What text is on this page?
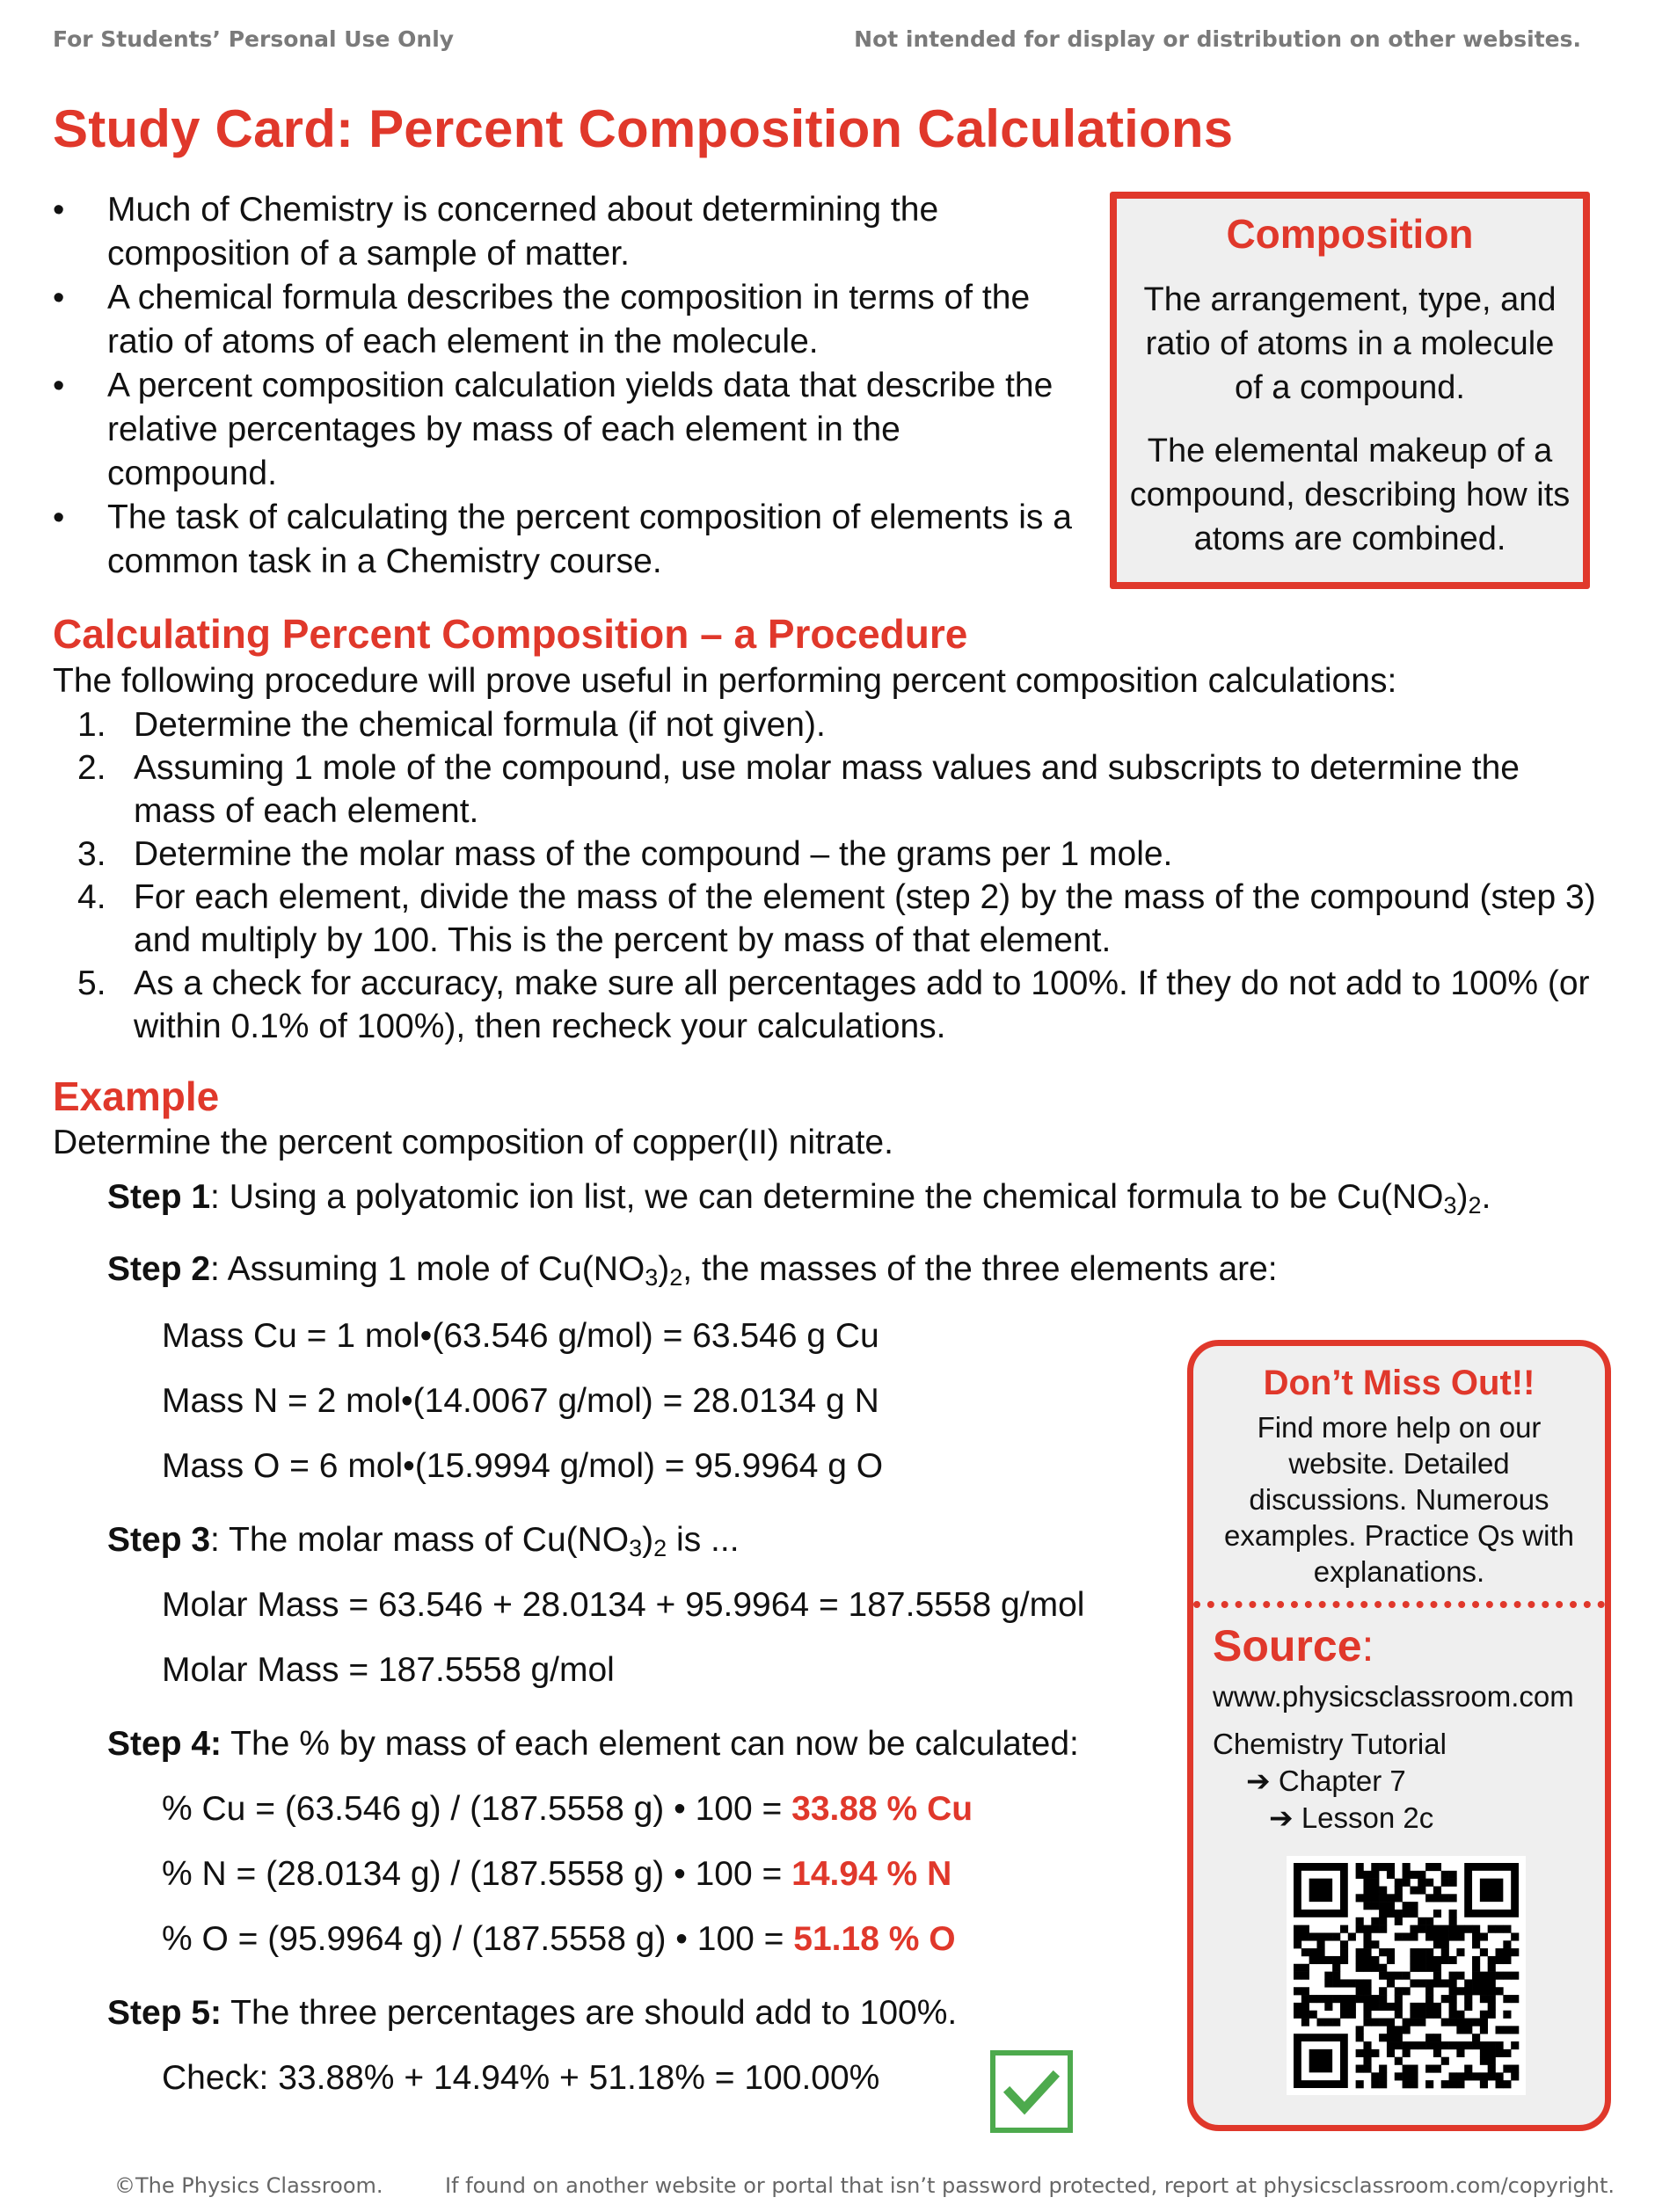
For Students’ Personal Use Only	Not intended for display or distribution on other websites.
Study Card: Percent Composition Calculations
• Much of Chemistry is concerned about determining the composition of a sample of matter.
• A chemical formula describes the composition in terms of the ratio of atoms of each element in the molecule.
• A percent composition calculation yields data that describe the relative percentages by mass of each element in the compound.
• The task of calculating the percent composition of elements is a common task in a Chemistry course.
Composition

The arrangement, type, and ratio of atoms in a molecule of a compound.

The elemental makeup of a compound, describing how its atoms are combined.

Calculating Percent Composition – a Procedure

The following procedure will prove useful in performing percent composition calculations:

1. Determine the chemical formula (if not given).
2. Assuming 1 mole of the compound, use molar mass values and subscripts to determine the mass of each element.
3. Determine the molar mass of the compound – the grams per 1 mole.
4. For each element, divide the mass of the element (step 2) by the mass of the compound (step 3) and multiply by 100. This is the percent by mass of that element.
5. As a check for accuracy, make sure all percentages add to 100%. If they do not add to 100% (or within 0.1% of 100%), then recheck your calculations.
Example

Determine the percent composition of copper(II) nitrate.

Step 1: Using a polyatomic ion list, we can determine the chemical formula to be $Cu(NO_3)_2$.
Step 2: Assuming 1 mole of $Cu(NO_3)_2$, the masses of the three elements are:
Mass Cu = 1 mol•(63.546 g/mol) = 63.546 g Cu
Mass N = 2 mol•(14.0067 g/mol) = 28.0134 g N
Mass O = 6 mol•(15.9994 g/mol) = 95.9964 g O
Step 3: The molar mass of $Cu(NO_3)_2$ is ...
Molar Mass = 63.546 + 28.0134 + 95.9964 = 187.5558 g/mol
Molar Mass = 187.5558 g/mol
Step 4: The % by mass of each element can now be calculated:
% Cu = (63.546 g) / (187.5558 g) • 100 = 33.88 % Cu
% N = (28.0134 g) / (187.5558 g) • 100 = 14.94 % N
% O = (95.9964 g) / (187.5558 g) • 100 = 51.18 % O
Step 5: The three percentages are should add to 100%.
Check: 33.88% + 14.94% + 51.18% = 100.00%
Don’t Miss Out!!
Find more help on our website. Detailed discussions. Numerous examples. Practice Qs with explanations.
Source:
www.physicsclassroom.com
Chemistry Tutorial
➔ Chapter 7
➔ Lesson 2c
©The Physics Classroom.	If found on another website or portal that isn’t password protected, report at physicsclassroom.com/copyright.
